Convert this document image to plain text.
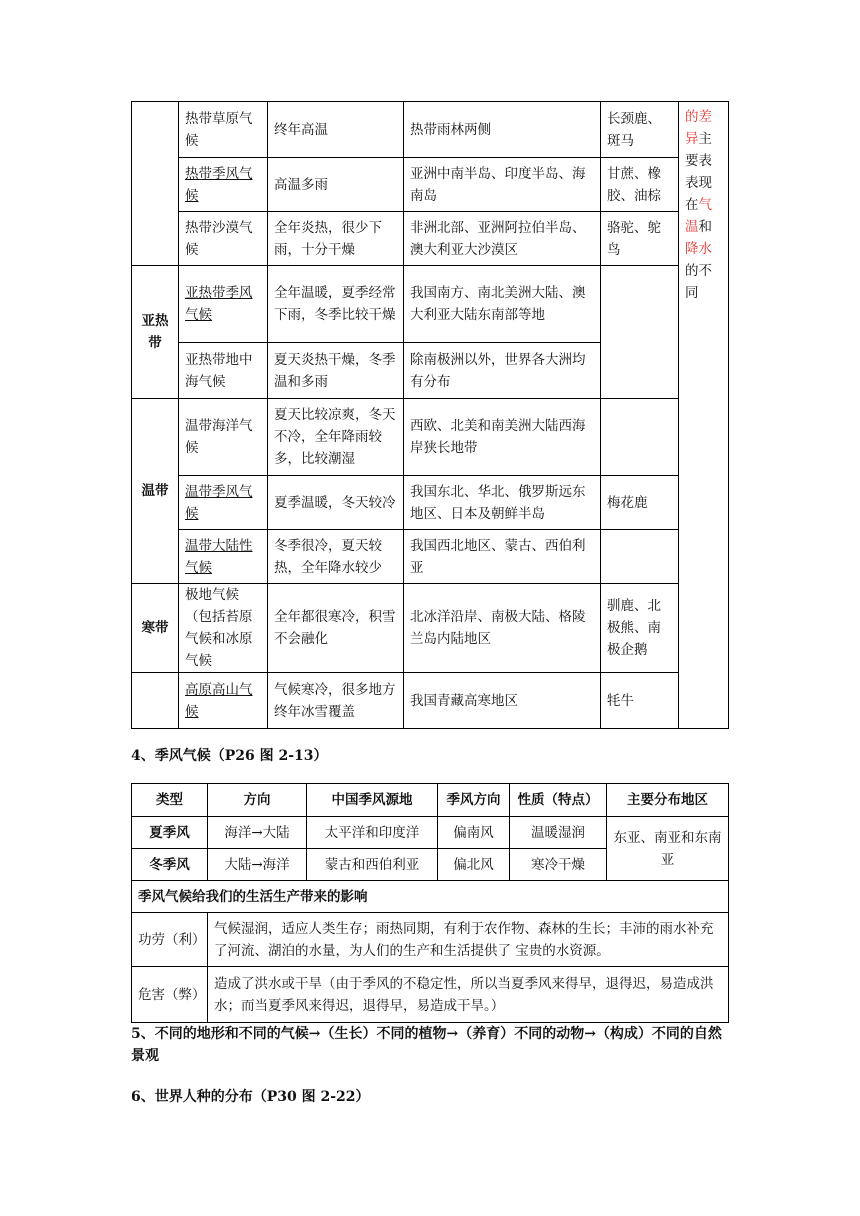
	热带草原气候	终年高温	热带雨林两侧	长颈鹿、斑马	的差异主要表表现在气温和降水的不同
	热带季风气候	高温多雨	亚洲中南半岛、印度半岛、海南岛	甘蔗、橡胶、油棕	
	热带沙漠气候	全年炎热，很少下雨，十分干燥	非洲北部、亚洲阿拉伯半岛、澳大利亚大沙漠区	骆驼、鸵鸟	
亚热带	亚热带季风气候	全年温暖，夏季经常下雨，冬季比较干燥	我国南方、南北美洲大陆、澳大利亚大陆东南部等地		
	亚热带地中海气候	夏天炎热干燥，冬季温和多雨	除南极洲以外，世界各大洲均有分布		
温带	温带海洋气候	夏天比较凉爽，冬天不冷，全年降雨较多，比较潮湿	西欧、北美和南美洲大陆西海岸狭长地带		
	温带季风气候	夏季温暖，冬天较冷	我国东北、华北、俄罗斯远东地区、日本及朝鲜半岛	梅花鹿	
	温带大陆性气候	冬季很冷，夏天较热，全年降水较少	我国西北地区、蒙古、西伯利亚		
寒带	极地气候（包括苔原气候和冰原气候	全年都很寒冷，积雪不会融化	北冰洋沿岸、南极大陆、格陵兰岛内陆地区	驯鹿、北极熊、南极企鹅	
	高原高山气候	气候寒冷，很多地方终年冰雪覆盖	我国青藏高寒地区	牦牛	
4、季风气候（P26 图 2-13）
类型	方向	中国季风源地	季风方向	性质（特点）	主要分布地区
夏季风	海洋→大陆	太平洋和印度洋	偏南风	温暖湿润	东亚、南亚和东南亚
冬季风	大陆→海洋	蒙古和西伯利亚	偏北风	寒冷干燥	
季风气候给我们的生活生产带来的影响					
功劳（利）	气候湿润，适应人类生存；雨热同期，有利于农作物、森林的生长；丰沛的雨水补充了河流、湖泊的水量，为人们的生产和生活提供了 宝贵的水资源。				
危害（弊）	造成了洪水或干旱（由于季风的不稳定性，所以当夏季风来得早，退得迟，易造成洪水；而当夏季风来得迟，退得早，易造成干旱。）				
5、不同的地形和不同的气候→（生长）不同的植物→（养育）不同的动物→（构成）不同的自然景观
6、世界人种的分布（P30 图 2-22）
